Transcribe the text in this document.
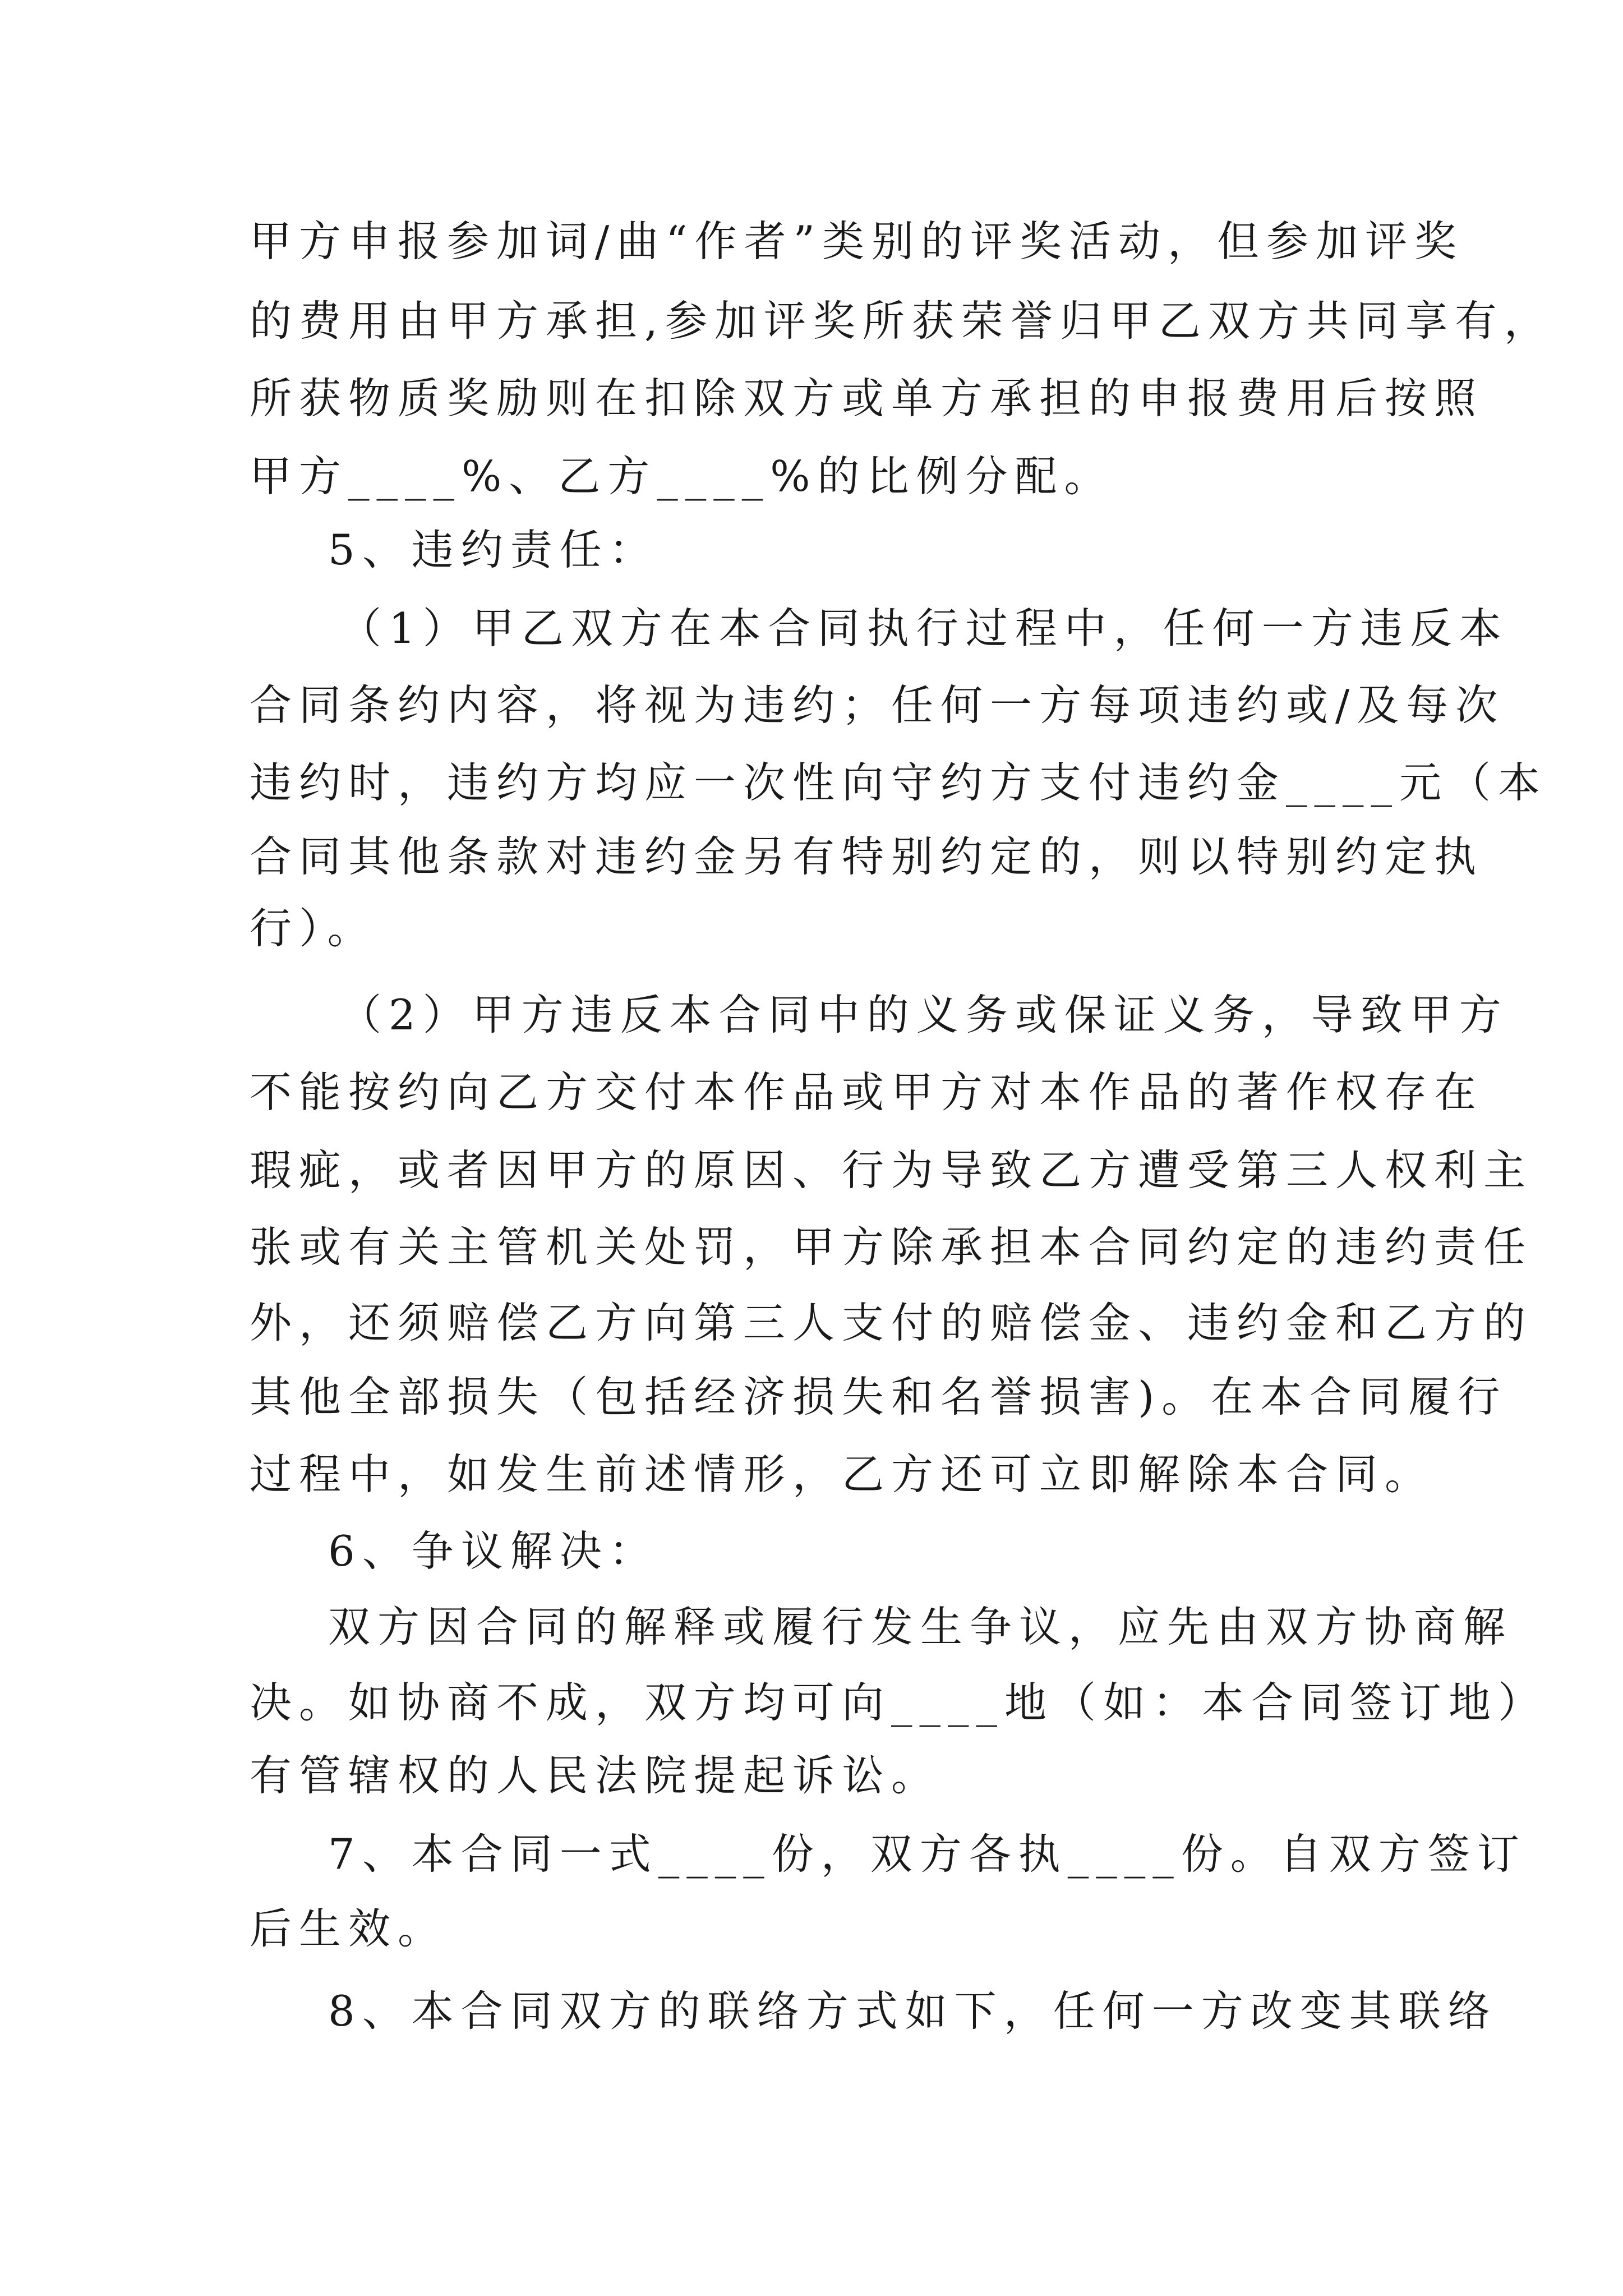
甲方申报参加词/曲“作者”类别的评奖活动，但参加评奖

的费用由甲方承担,参加评奖所获荣誉归甲乙双方共同享有，

所获物质奖励则在扣除双方或单方承担的申报费用后按照

甲方____%、乙方____%的比例分配。

5、违约责任：

（1）甲乙双方在本合同执行过程中，任何一方违反本

合同条约内容，将视为违约；任何一方每项违约或/及每次

违约时，违约方均应一次性向守约方支付违约金____元（本

合同其他条款对违约金另有特别约定的，则以特别约定执

行）。

（2）甲方违反本合同中的义务或保证义务，导致甲方

不能按约向乙方交付本作品或甲方对本作品的著作权存在

瑕疵，或者因甲方的原因、行为导致乙方遭受第三人权利主

张或有关主管机关处罚，甲方除承担本合同约定的违约责任

外，还须赔偿乙方向第三人支付的赔偿金、违约金和乙方的

其他全部损失（包括经济损失和名誉损害)。在本合同履行

过程中，如发生前述情形，乙方还可立即解除本合同。

6、争议解决：

双方因合同的解释或履行发生争议，应先由双方协商解

决。如协商不成，双方均可向____地（如：本合同签订地）

有管辖权的人民法院提起诉讼。

7、本合同一式____份，双方各执____份。自双方签订

后生效。

8、本合同双方的联络方式如下，任何一方改变其联络
